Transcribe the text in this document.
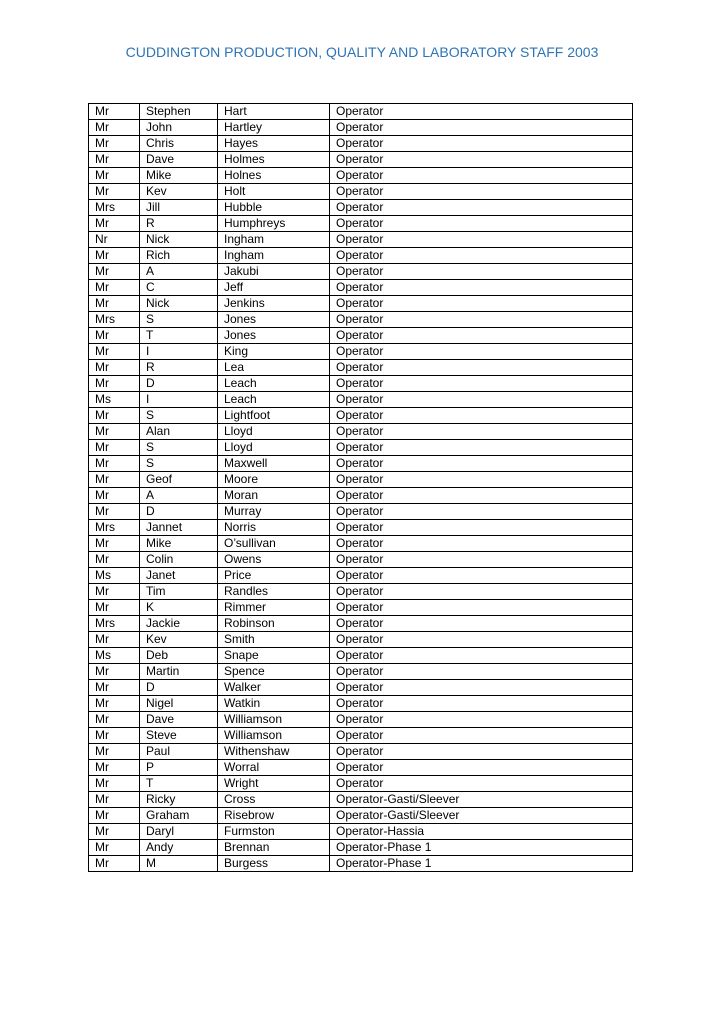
CUDDINGTON PRODUCTION, QUALITY AND LABORATORY STAFF 2003
Mr	Stephen	Hart	Operator
Mr	John	Hartley	Operator
Mr	Chris	Hayes	Operator
Mr	Dave	Holmes	Operator
Mr	Mike	Holnes	Operator
Mr	Kev	Holt	Operator
Mrs	Jill	Hubble	Operator
Mr	R	Humphreys	Operator
Nr	Nick	Ingham	Operator
Mr	Rich	Ingham	Operator
Mr	A	Jakubi	Operator
Mr	C	Jeff	Operator
Mr	Nick	Jenkins	Operator
Mrs	S	Jones	Operator
Mr	T	Jones	Operator
Mr	I	King	Operator
Mr	R	Lea	Operator
Mr	D	Leach	Operator
Ms	I	Leach	Operator
Mr	S	Lightfoot	Operator
Mr	Alan	Lloyd	Operator
Mr	S	Lloyd	Operator
Mr	S	Maxwell	Operator
Mr	Geof	Moore	Operator
Mr	A	Moran	Operator
Mr	D	Murray	Operator
Mrs	Jannet	Norris	Operator
Mr	Mike	O’sullivan	Operator
Mr	Colin	Owens	Operator
Ms	Janet	Price	Operator
Mr	Tim	Randles	Operator
Mr	K	Rimmer	Operator
Mrs	Jackie	Robinson	Operator
Mr	Kev	Smith	Operator
Ms	Deb	Snape	Operator
Mr	Martin	Spence	Operator
Mr	D	Walker	Operator
Mr	Nigel	Watkin	Operator
Mr	Dave	Williamson	Operator
Mr	Steve	Williamson	Operator
Mr	Paul	Withenshaw	Operator
Mr	P	Worral	Operator
Mr	T	Wright	Operator
Mr	Ricky	Cross	Operator-Gasti/Sleever
Mr	Graham	Risebrow	Operator-Gasti/Sleever
Mr	Daryl	Furmston	Operator-Hassia
Mr	Andy	Brennan	Operator-Phase 1
Mr	M	Burgess	Operator-Phase 1
